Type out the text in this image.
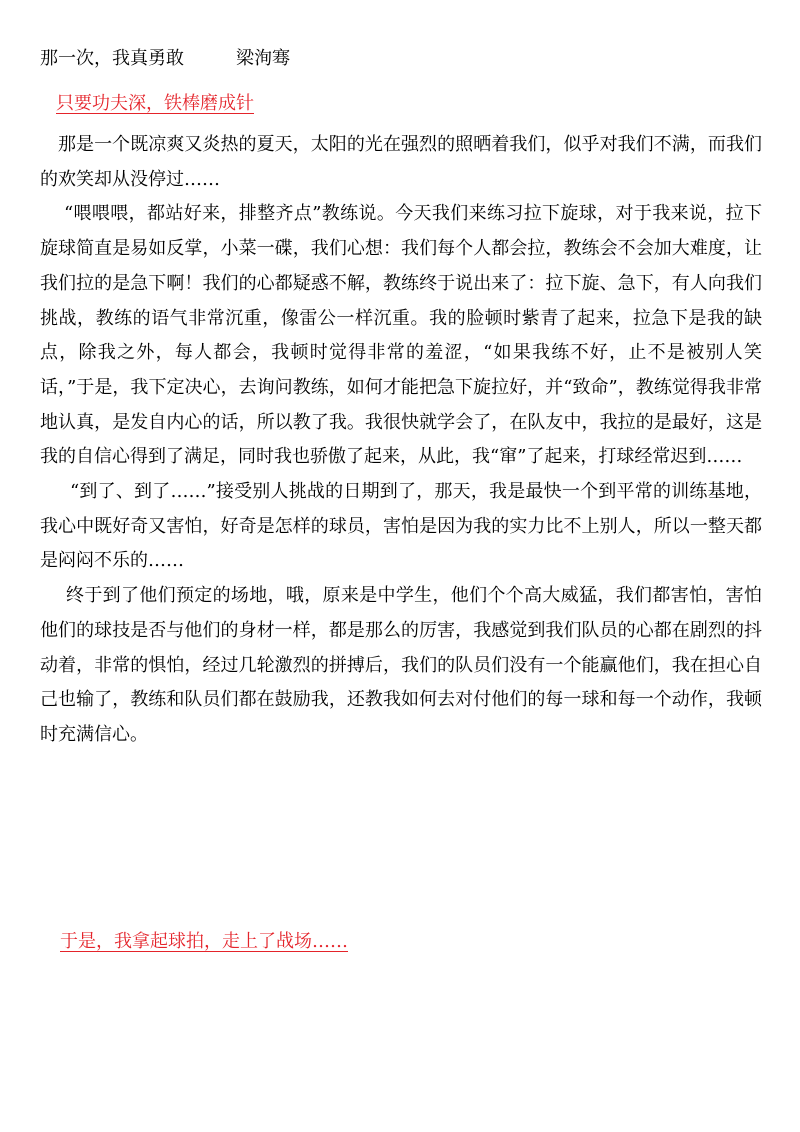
那一次，我真勇敢	梁洵骞
只要功夫深，铁棒磨成针

那是一个既凉爽又炎热的夏天，太阳的光在强烈的照晒着我们，似乎对我们不满，而我们的欢笑却从没停过……

“喂喂喂，都站好来，排整齐点”教练说。今天我们来练习拉下旋球，对于我来说，拉下旋球简直是易如反掌，小菜一碟，我们心想：我们每个人都会拉，教练会不会加大难度，让我们拉的是急下啊！我们的心都疑惑不解，教练终于说出来了：拉下旋、急下，有人向我们挑战，教练的语气非常沉重，像雷公一样沉重。我的脸顿时紫青了起来，拉急下是我的缺点，除我之外，每人都会，我顿时觉得非常的羞涩，“如果我练不好，止不是被别人笑话，”于是，我下定决心，去询问教练，如何才能把急下旋拉好，并“致命”，教练觉得我非常地认真，是发自内心的话，所以教了我。我很快就学会了，在队友中，我拉的是最好，这是我的自信心得到了满足，同时我也骄傲了起来，从此，我“窜”了起来，打球经常迟到……

“到了、到了……”接受别人挑战的日期到了，那天，我是最快一个到平常的训练基地，我心中既好奇又害怕，好奇是怎样的球员，害怕是因为我的实力比不上别人，所以一整天都是闷闷不乐的……

终于到了他们预定的场地，哦，原来是中学生，他们个个高大威猛，我们都害怕，害怕他们的球技是否与他们的身材一样，都是那么的厉害，我感觉到我们队员的心都在剧烈的抖动着，非常的惧怕，经过几轮激烈的拼搏后，我们的队员们没有一个能赢他们，我在担心自己也输了，教练和队员们都在鼓励我，还教我如何去对付他们的每一球和每一个动作，我顿时充满信心。

于是，我拿起球拍，走上了战场……
